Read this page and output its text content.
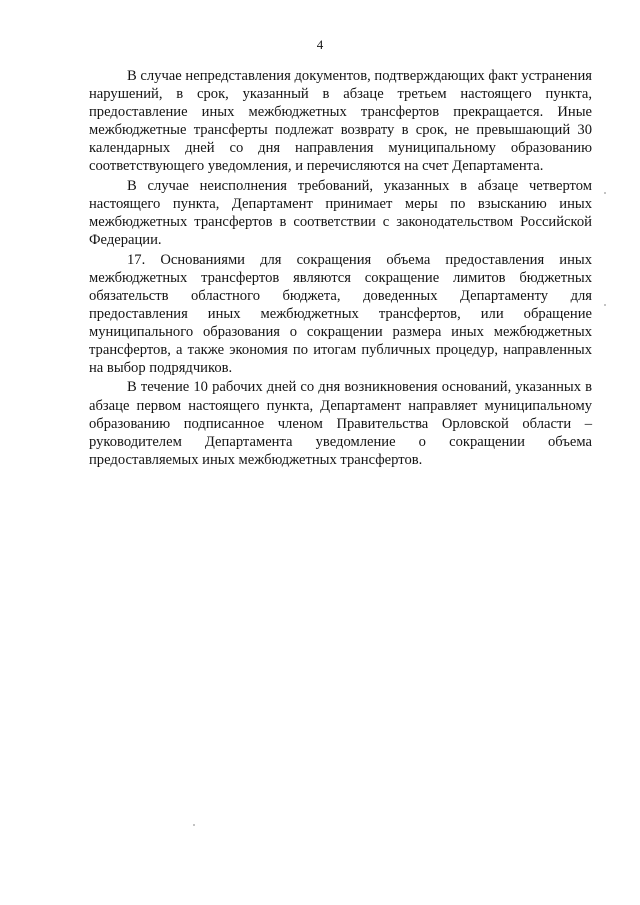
4

В случае непредставления документов, подтверждающих факт устранения нарушений, в срок, указанный в абзаце третьем настоящего пункта, предоставление иных межбюджетных трансфертов прекращается. Иные межбюджетные трансферты подлежат возврату в срок, не превышающий 30 календарных дней со дня направления муниципальному образованию соответствующего уведомления, и перечисляются на счет Департамента.

В случае неисполнения требований, указанных в абзаце четвертом настоящего пункта, Департамент принимает меры по взысканию иных межбюджетных трансфертов в соответствии с законодательством Российской Федерации.

17. Основаниями для сокращения объема предоставления иных межбюджетных трансфертов являются сокращение лимитов бюджетных обязательств областного бюджета, доведенных Департаменту для предоставления иных межбюджетных трансфертов, или обращение муниципального образования о сокращении размера иных межбюджетных трансфертов, а также экономия по итогам публичных процедур, направленных на выбор подрядчиков.

В течение 10 рабочих дней со дня возникновения оснований, указанных в абзаце первом настоящего пункта, Департамент направляет муниципальному образованию подписанное членом Правительства Орловской области – руководителем Департамента уведомление о сокращении объема предоставляемых иных межбюджетных трансфертов.
